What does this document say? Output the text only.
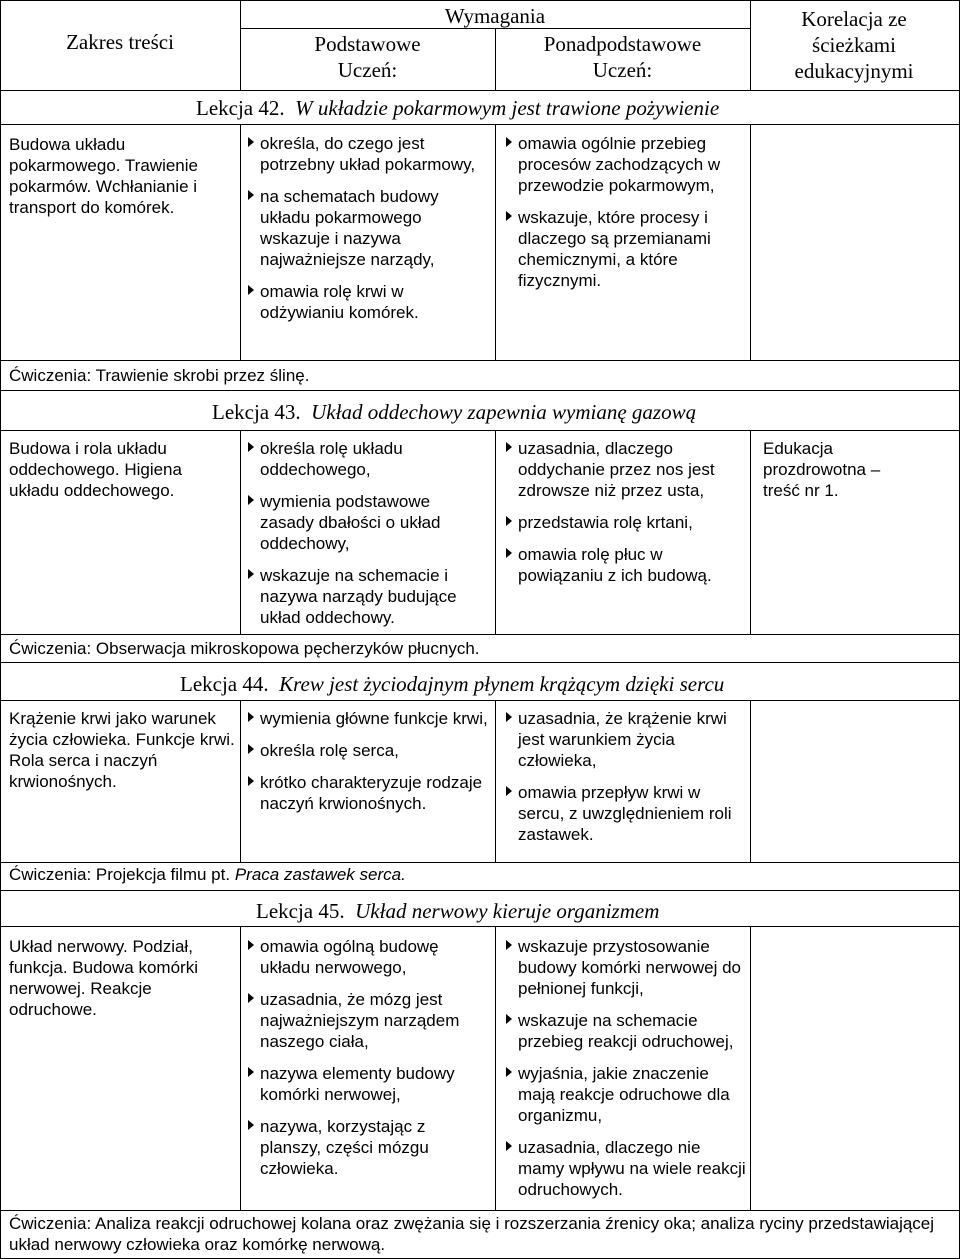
Zakres treści
Wymagania
Podstawowe
Uczeń:
Ponadpodstawowe
Uczeń:
Korelacja ze ścieżkami edukacyjnymi
Lekcja 42. W układzie pokarmowym jest trawione pożywienie
Budowa układu pokarmowego. Trawienie pokarmów. Wchłanianie i transport do komórek.
określa, do czego jest potrzebny układ pokarmowy,
na schematach budowy układu pokarmowego wskazuje i nazywa najważniejsze narządy,
omawia rolę krwi w odżywianiu komórek.
omawia ogólnie przebieg procesów zachodzących w przewodzie pokarmowym,
wskazuje, które procesy i dlaczego są przemianami chemicznymi, a które fizycznymi.
Ćwiczenia: Trawienie skrobi przez ślinę.
Lekcja 43. Układ oddechowy zapewnia wymianę gazową
Budowa i rola układu oddechowego. Higiena układu oddechowego.
określa rolę układu oddechowego,
wymienia podstawowe zasady dbałości o układ oddechowy,
wskazuje na schemacie i nazywa narządy budujące układ oddechowy.
uzasadnia, dlaczego oddychanie przez nos jest zdrowsze niż przez usta,
przedstawia rolę krtani,
omawia rolę płuc w powiązaniu z ich budową.
Edukacja prozdrowotna – treść nr 1.
Ćwiczenia: Obserwacja mikroskopowa pęcherzyków płucnych.
Lekcja 44. Krew jest życiodajnym płynem krążącym dzięki sercu
Krążenie krwi jako warunek życia człowieka. Funkcje krwi. Rola serca i naczyń krwionośnych.
wymienia główne funkcje krwi,
określa rolę serca,
krótko charakteryzuje rodzaje naczyń krwionośnych.
uzasadnia, że krążenie krwi jest warunkiem życia człowieka,
omawia przepływ krwi w sercu, z uwzględnieniem roli zastawek.
Ćwiczenia: Projekcja filmu pt. Praca zastawek serca.
Lekcja 45. Układ nerwowy kieruje organizmem
Układ nerwowy. Podział, funkcja. Budowa komórki nerwowej. Reakcje odruchowe.
omawia ogólną budowę układu nerwowego,
uzasadnia, że mózg jest najważniejszym narządem naszego ciała,
nazywa elementy budowy komórki nerwowej,
nazywa, korzystając z planszy, części mózgu człowieka.
wskazuje przystosowanie budowy komórki nerwowej do pełnionej funkcji,
wskazuje na schemacie przebieg reakcji odruchowej,
wyjaśnia, jakie znaczenie mają reakcje odruchowe dla organizmu,
uzasadnia, dlaczego nie mamy wpływu na wiele reakcji odruchowych.
Ćwiczenia: Analiza reakcji odruchowej kolana oraz zwężania się i rozszerzania źrenicy oka; analiza ryciny przedstawiającej układ nerwowy człowieka oraz komórkę nerwową.
